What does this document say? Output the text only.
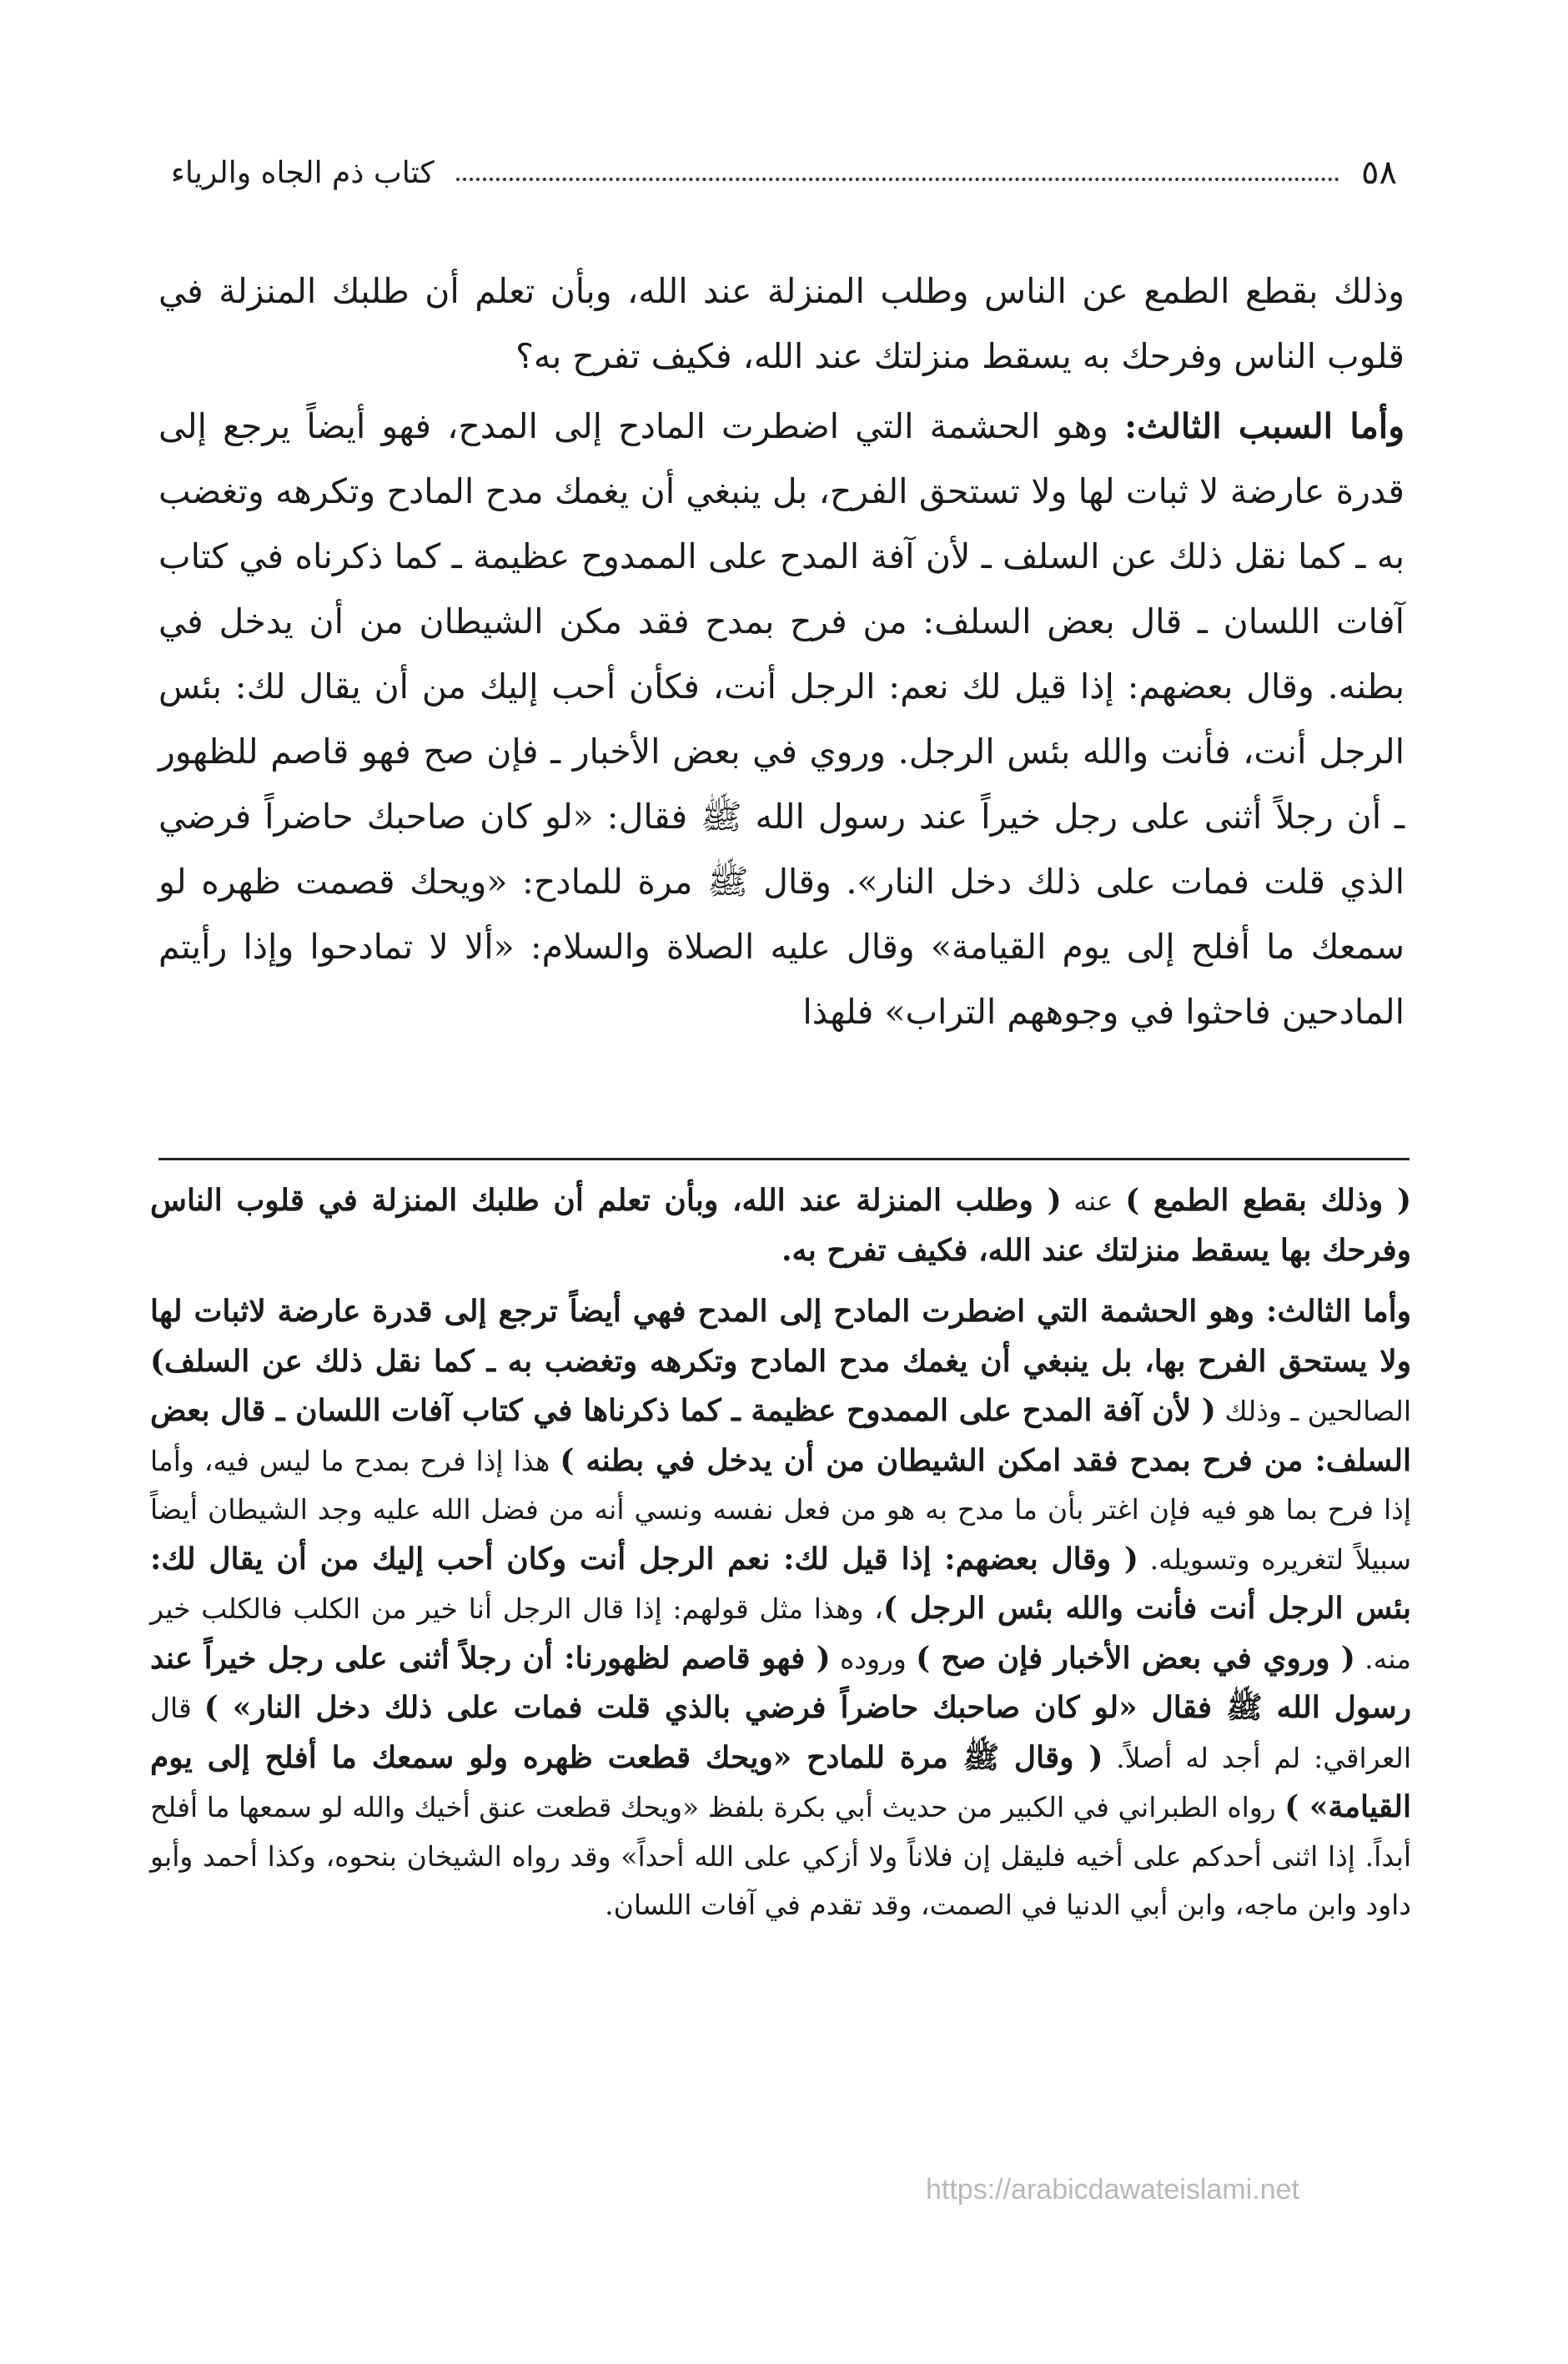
٥٨
كتاب ذم الجاه والرياء

وذلك بقطع الطمع عن الناس وطلب المنزلة عند الله، وبأن تعلم أن طلبك المنزلة في قلوب الناس وفرحك به يسقط منزلتك عند الله، فكيف تفرح به؟

وأما السبب الثالث: وهو الحشمة التي اضطرت المادح إلى المدح، فهو أيضاً يرجع إلى قدرة عارضة لا ثبات لها ولا تستحق الفرح، بل ينبغي أن يغمك مدح المادح وتكرهه وتغضب به ـ كما نقل ذلك عن السلف ـ لأن آفة المدح على الممدوح عظيمة ـ كما ذكرناه في كتاب آفات اللسان ـ قال بعض السلف: من فرح بمدح فقد مكن الشيطان من أن يدخل في بطنه. وقال بعضهم: إذا قيل لك نعم: الرجل أنت، فكأن أحب إليك من أن يقال لك: بئس الرجل أنت، فأنت والله بئس الرجل. وروي في بعض الأخبار ـ فإن صح فهو قاصم للظهور ـ أن رجلاً أثنى على رجل خيراً عند رسول الله ﷺ فقال: «لو كان صاحبك حاضراً فرضي الذي قلت فمات على ذلك دخل النار». وقال ﷺ مرة للمادح: «ويحك قصمت ظهره لو سمعك ما أفلح إلى يوم القيامة» وقال عليه الصلاة والسلام: «ألا لا تمادحوا وإذا رأيتم المادحين فاحثوا في وجوههم التراب» فلهذا

( وذلك بقطع الطمع ) عنه ( وطلب المنزلة عند الله، وبأن تعلم أن طلبك المنزلة في قلوب الناس وفرحك بها يسقط منزلتك عند الله، فكيف تفرح به.

وأما الثالث: وهو الحشمة التي اضطرت المادح إلى المدح فهي أيضاً ترجع إلى قدرة عارضة لاثبات لها ولا يستحق الفرح بها، بل ينبغي أن يغمك مدح المادح وتكرهه وتغضب به ـ كما نقل ذلك عن السلف) الصالحين ـ وذلك ( لأن آفة المدح على الممدوح عظيمة ـ كما ذكرناها في كتاب آفات اللسان ـ قال بعض السلف: من فرح بمدح فقد امكن الشيطان من أن يدخل في بطنه ) هذا إذا فرح بمدح ما ليس فيه، وأما إذا فرح بما هو فيه فإن اغتر بأن ما مدح به هو من فعل نفسه ونسي أنه من فضل الله عليه وجد الشيطان أيضاً سبيلاً لتغريره وتسويله. ( وقال بعضهم: إذا قيل لك: نعم الرجل أنت وكان أحب إليك من أن يقال لك: بئس الرجل أنت فأنت والله بئس الرجل )، وهذا مثل قولهم: إذا قال الرجل أنا خير من الكلب فالكلب خير منه. ( وروي في بعض الأخبار فإن صح ) وروده ( فهو قاصم لظهورنا: أن رجلاً أثنى على رجل خيراً عند رسول الله ﷺ فقال «لو كان صاحبك حاضراً فرضي بالذي قلت فمات على ذلك دخل النار» ) قال العراقي: لم أجد له أصلاً. ( وقال ﷺ مرة للمادح «ويحك قطعت ظهره ولو سمعك ما أفلح إلى يوم القيامة» ) رواه الطبراني في الكبير من حديث أبي بكرة بلفظ «ويحك قطعت عنق أخيك والله لو سمعها ما أفلح أبداً. إذا اثنى أحدكم على أخيه فليقل إن فلاناً ولا أزكي على الله أحداً» وقد رواه الشيخان بنحوه، وكذا أحمد وأبو داود وابن ماجه، وابن أبي الدنيا في الصمت، وقد تقدم في آفات اللسان.

https://arabicdawateislami.net
